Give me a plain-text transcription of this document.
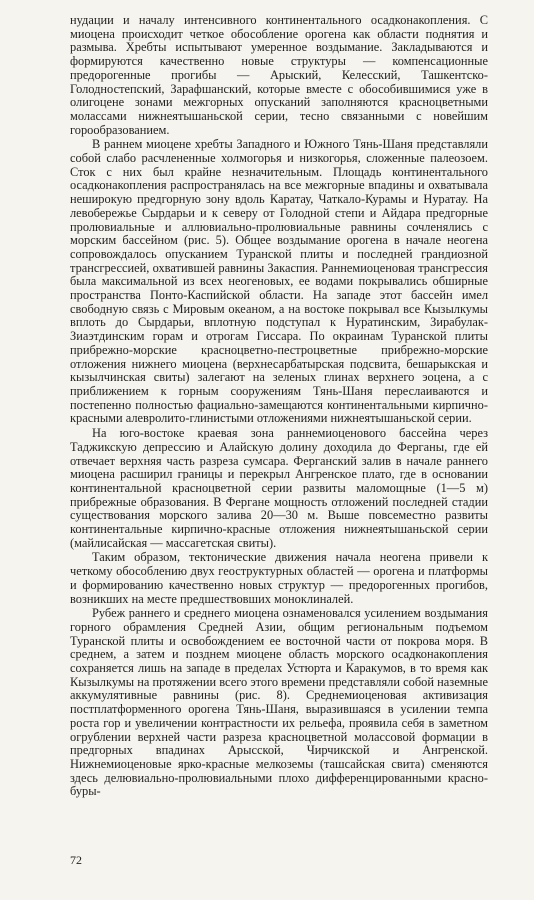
нудации и началу интенсивного континентального осадконакопления. С миоцена происходит четкое обособление орогена как области поднятия и размыва. Хребты испытывают умеренное воздымание. Закладываются и формируются качественно новые структуры — компенсационные предорогенные прогибы — Арыский, Келесский, Ташкентско-Голодностепский, Зарафшанский, которые вместе с обособившимися уже в олигоцене зонами межгорных опусканий заполняются красноцветными молассами нижнеятышаньской серии, тесно связанными с новейшим горообразованием.

В раннем миоцене хребты Западного и Южного Тянь-Шаня представляли собой слабо расчлененные холмогорья и низкогорья, сложенные палеозоем. Сток с них был крайне незначительным. Площадь континентального осадконакопления распространялась на все межгорные впадины и охватывала неширокую предгорную зону вдоль Каратау, Чаткало-Курамы и Нуратау. На левобережье Сырдарьи и к северу от Голодной степи и Айдара предгорные пролювиальные и аллювиально-пролювиальные равнины сочленялись с морским бассейном (рис. 5). Общее воздымание орогена в начале неогена сопровождалось опусканием Туранской плиты и последней грандиозной трансгрессией, охватившей равнины Закаспия. Раннемиоценовая трансгрессия была максимальной из всех неогеновых, ее водами покрывались обширные пространства Понто-Каспийской области. На западе этот бассейн имел свободную связь с Мировым океаном, а на востоке покрывал все Кызылкумы вплоть до Сырдарьи, вплотную подступал к Нуратинским, Зирабулак-Зиаэтдинским горам и отрогам Гиссара. По окраинам Туранской плиты прибрежно-морские красноцветно-пестроцветные прибрежно-морские отложения нижнего миоцена (верхнесарбатырская подсвита, бешарыкская и кызылчинская свиты) залегают на зеленых глинах верхнего эоцена, а с приближением к горным сооружениям Тянь-Шаня переслаиваются и постепенно полностью фациально-замещаются континентальными кирпично-красными алевролито-глинистыми отложениями нижнеятышаньской серии.

На юго-востоке краевая зона раннемиоценового бассейна через Таджикскую депрессию и Алайскую долину доходила до Ферганы, где ей отвечает верхняя часть разреза сумсара. Ферганский залив в начале раннего миоцена расширил границы и перекрыл Ангренское плато, где в основании континентальной красноцветной серии развиты маломощные (1—5 м) прибрежные образования. В Фергане мощность отложений последней стадии существования морского залива 20—30 м. Выше повсеместно развиты континентальные кирпично-красные отложения нижнеятышаньской серии (майлисайская — массагетская свиты).

Таким образом, тектонические движения начала неогена привели к четкому обособлению двух геоструктурных областей — орогена и платформы и формированию качественно новых структур — предорогенных прогибов, возникших на месте предшествовших моноклиналей.

Рубеж раннего и среднего миоцена ознаменовался усилением воздымания горного обрамления Средней Азии, общим региональным подъемом Туранской плиты и освобождением ее восточной части от покрова моря. В среднем, а затем и позднем миоцене область морского осадконакопления сохраняется лишь на западе в пределах Устюрта и Каракумов, в то время как Кызылкумы на протяжении всего этого времени представляли собой наземные аккумулятивные равнины (рис. 8). Среднемиоценовая активизация постплатформенного орогена Тянь-Шаня, выразившаяся в усилении темпа роста гор и увеличении контрастности их рельефа, проявила себя в заметном огрублении верхней части разреза красноцветной молассовой формации в предгорных впадинах Арысской, Чирчикской и Ангренской. Нижнемиоценовые ярко-красные мелкоземы (ташсайская свита) сменяются здесь делювиально-пролювиальными плохо дифференцированными красно-буры-

72
